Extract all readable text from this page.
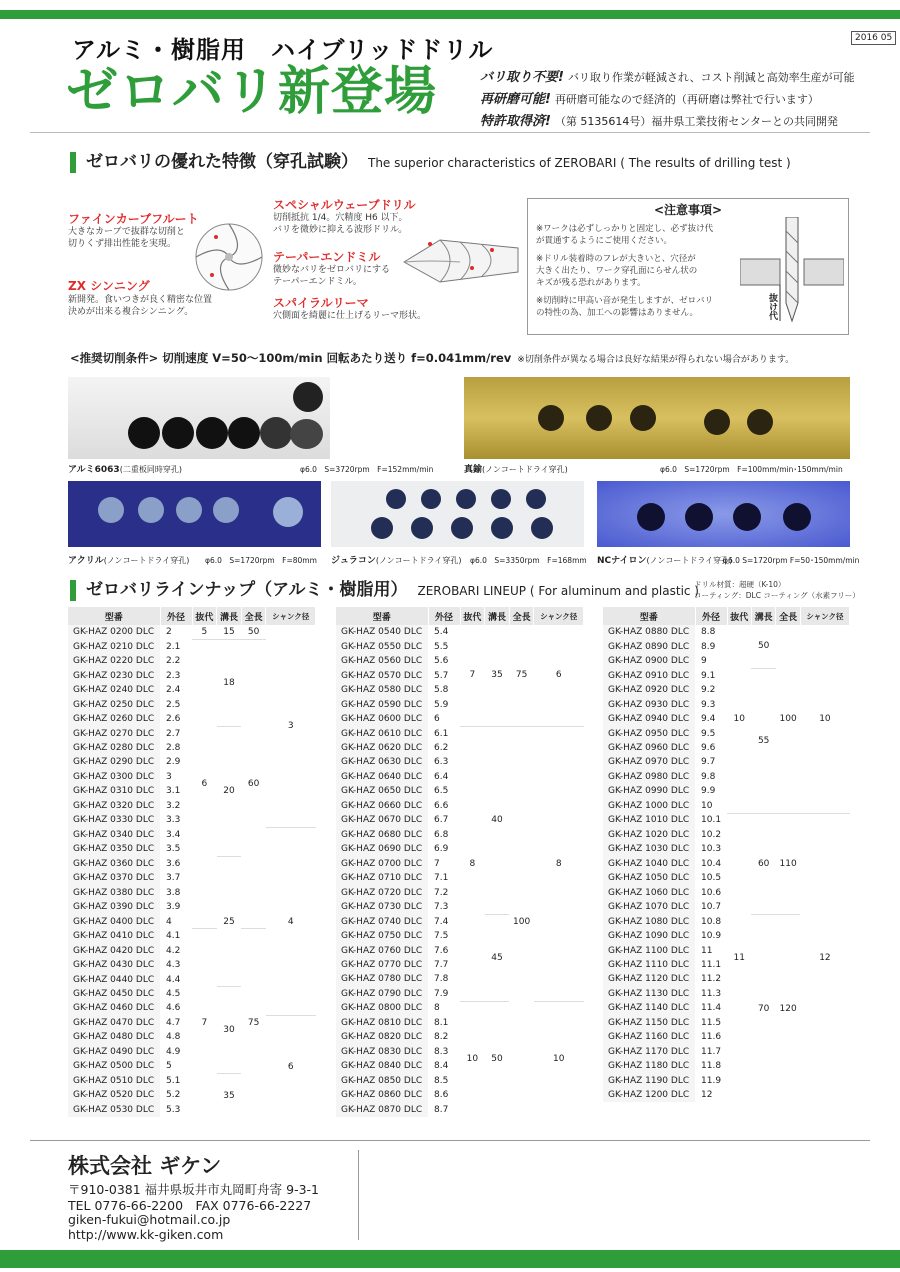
2016 05
アルミ・樹脂用　ハイブリッドドリル
ゼロバリ新登場	バリ取り不要! バリ取り作業が軽減され、コスト削減と高効率生産が可能
再研磨可能! 再研磨可能なので経済的（再研磨は弊社で行います）
特許取得済! （第 5135614号）福井県工業技術センターとの共同開発
ゼロバリの優れた特徴（穿孔試験） The superior characteristics of ZEROBARI ( The results of drilling test )
ファインカーブフルート
大きなカーブで抜群な切削と
切りくず排出性能を実現。
ZX シンニング
新開発。食いつきが良く精密な位置
決めが出来る複合シンニング。
スペシャルウェーブドリル
切削抵抗 1/4。穴精度 H6 以下。
バリを微妙に抑える波形ドリル。
テーパーエンドミル
微妙なバリをゼロバリにする
テーパーエンドミル。
スパイラルリーマ
穴側面を綺麗に仕上げるリーマ形状。
<注意事項>
※ワークは必ずしっかりと固定し、必ず抜け代
が貫通するようにご使用ください。
※ドリル装着時のフレが大きいと、穴径が
大きく出たり、ワーク穿孔面にらせん状の
キズが残る恐れがあります。
※切削時に甲高い音が発生しますが、ゼロバリ
の特性の為、加工への影響はありません。	抜け代
<推奨切削条件> 切削速度 V=50〜100m/min 回転あたり送り f=0.041mm/rev ※切削条件が異なる場合は良好な結果が得られない場合があります。
アルミ6063(二重板同時穿孔)	φ6.0　S=3720rpm　F=152mm/min	真鍮(ノンコートドライ穿孔)	φ6.0　S=1720rpm　F=100mm/min･150mm/min
アクリル(ノンコートドライ穿孔) φ6.0　S=1720rpm　F=80mm ジュラコン(ノンコートドライ穿孔) φ6.0　S=3350rpm　F=168mm NCナイロン(ノンコートドライ穿孔)
φ6.0 S=1720rpm F=50･150mm/min
ゼロバリラインナップ（アルミ・樹脂用） ZEROBARI LINEUP ( For aluminum and plastic )
ドリル材質：超硬（K-10）
コーティング：DLC コーティング（水素フリー）
型番	外径	抜代	溝長	全長	シャンク径
GK-HAZ 0200 DLC	2	5	15	50	3
GK-HAZ 0210 DLC	2.1	6	18	60	
GK-HAZ 0220 DLC	2.2				
GK-HAZ 0230 DLC	2.3				
GK-HAZ 0240 DLC	2.4				
GK-HAZ 0250 DLC	2.5				
GK-HAZ 0260 DLC	2.6				
GK-HAZ 0270 DLC	2.7		20		
GK-HAZ 0280 DLC	2.8				
GK-HAZ 0290 DLC	2.9				
GK-HAZ 0300 DLC	3				
GK-HAZ 0310 DLC	3.1				
GK-HAZ 0320 DLC	3.2				
GK-HAZ 0330 DLC	3.3				
GK-HAZ 0340 DLC	3.4				4
GK-HAZ 0350 DLC	3.5				
GK-HAZ 0360 DLC	3.6		25		
GK-HAZ 0370 DLC	3.7				
GK-HAZ 0380 DLC	3.8				
GK-HAZ 0390 DLC	3.9				
GK-HAZ 0400 DLC	4				
GK-HAZ 0410 DLC	4.1	7		75	
GK-HAZ 0420 DLC	4.2				
GK-HAZ 0430 DLC	4.3				
GK-HAZ 0440 DLC	4.4				
GK-HAZ 0450 DLC	4.5		30		
GK-HAZ 0460 DLC	4.6				
GK-HAZ 0470 DLC	4.7				6
GK-HAZ 0480 DLC	4.8				
GK-HAZ 0490 DLC	4.9				
GK-HAZ 0500 DLC	5				
GK-HAZ 0510 DLC	5.1		35		
GK-HAZ 0520 DLC	5.2				
GK-HAZ 0530 DLC	5.3				
型番	外径	抜代	溝長	全長	シャンク径
GK-HAZ 0540 DLC	5.4	7	35	75	6
GK-HAZ 0550 DLC	5.5				
GK-HAZ 0560 DLC	5.6				
GK-HAZ 0570 DLC	5.7				
GK-HAZ 0580 DLC	5.8				
GK-HAZ 0590 DLC	5.9				
GK-HAZ 0600 DLC	6				
GK-HAZ 0610 DLC	6.1	8	40	100	8
GK-HAZ 0620 DLC	6.2				
GK-HAZ 0630 DLC	6.3				
GK-HAZ 0640 DLC	6.4				
GK-HAZ 0650 DLC	6.5				
GK-HAZ 0660 DLC	6.6				
GK-HAZ 0670 DLC	6.7				
GK-HAZ 0680 DLC	6.8				
GK-HAZ 0690 DLC	6.9				
GK-HAZ 0700 DLC	7				
GK-HAZ 0710 DLC	7.1				
GK-HAZ 0720 DLC	7.2				
GK-HAZ 0730 DLC	7.3				
GK-HAZ 0740 DLC	7.4		45		
GK-HAZ 0750 DLC	7.5				
GK-HAZ 0760 DLC	7.6				
GK-HAZ 0770 DLC	7.7				
GK-HAZ 0780 DLC	7.8				
GK-HAZ 0790 DLC	7.9				
GK-HAZ 0800 DLC	8	10	50		10
GK-HAZ 0810 DLC	8.1				
GK-HAZ 0820 DLC	8.2				
GK-HAZ 0830 DLC	8.3				
GK-HAZ 0840 DLC	8.4				
GK-HAZ 0850 DLC	8.5				
GK-HAZ 0860 DLC	8.6				
GK-HAZ 0870 DLC	8.7				
型番	外径	抜代	溝長	全長	シャンク径
GK-HAZ 0880 DLC	8.8	10	50	100	10
GK-HAZ 0890 DLC	8.9				
GK-HAZ 0900 DLC	9				
GK-HAZ 0910 DLC	9.1		55		
GK-HAZ 0920 DLC	9.2				
GK-HAZ 0930 DLC	9.3				
GK-HAZ 0940 DLC	9.4				
GK-HAZ 0950 DLC	9.5				
GK-HAZ 0960 DLC	9.6				
GK-HAZ 0970 DLC	9.7				
GK-HAZ 0980 DLC	9.8				
GK-HAZ 0990 DLC	9.9				
GK-HAZ 1000 DLC	10				
GK-HAZ 1010 DLC	10.1	11	60	110	12
GK-HAZ 1020 DLC	10.2				
GK-HAZ 1030 DLC	10.3				
GK-HAZ 1040 DLC	10.4				
GK-HAZ 1050 DLC	10.5				
GK-HAZ 1060 DLC	10.6				
GK-HAZ 1070 DLC	10.7				
GK-HAZ 1080 DLC	10.8		70	120	
GK-HAZ 1090 DLC	10.9				
GK-HAZ 1100 DLC	11				
GK-HAZ 1110 DLC	11.1				
GK-HAZ 1120 DLC	11.2				
GK-HAZ 1130 DLC	11.3				
GK-HAZ 1140 DLC	11.4				
GK-HAZ 1150 DLC	11.5				
GK-HAZ 1160 DLC	11.6				
GK-HAZ 1170 DLC	11.7				
GK-HAZ 1180 DLC	11.8				
GK-HAZ 1190 DLC	11.9				
GK-HAZ 1200 DLC	12				
株式会社 ギケン
〒910-0381 福井県坂井市丸岡町舟寄 9-3-1
TEL 0776-66-2200　FAX 0776-66-2227
giken-fukui@hotmail.co.jp
http://www.kk-giken.com
